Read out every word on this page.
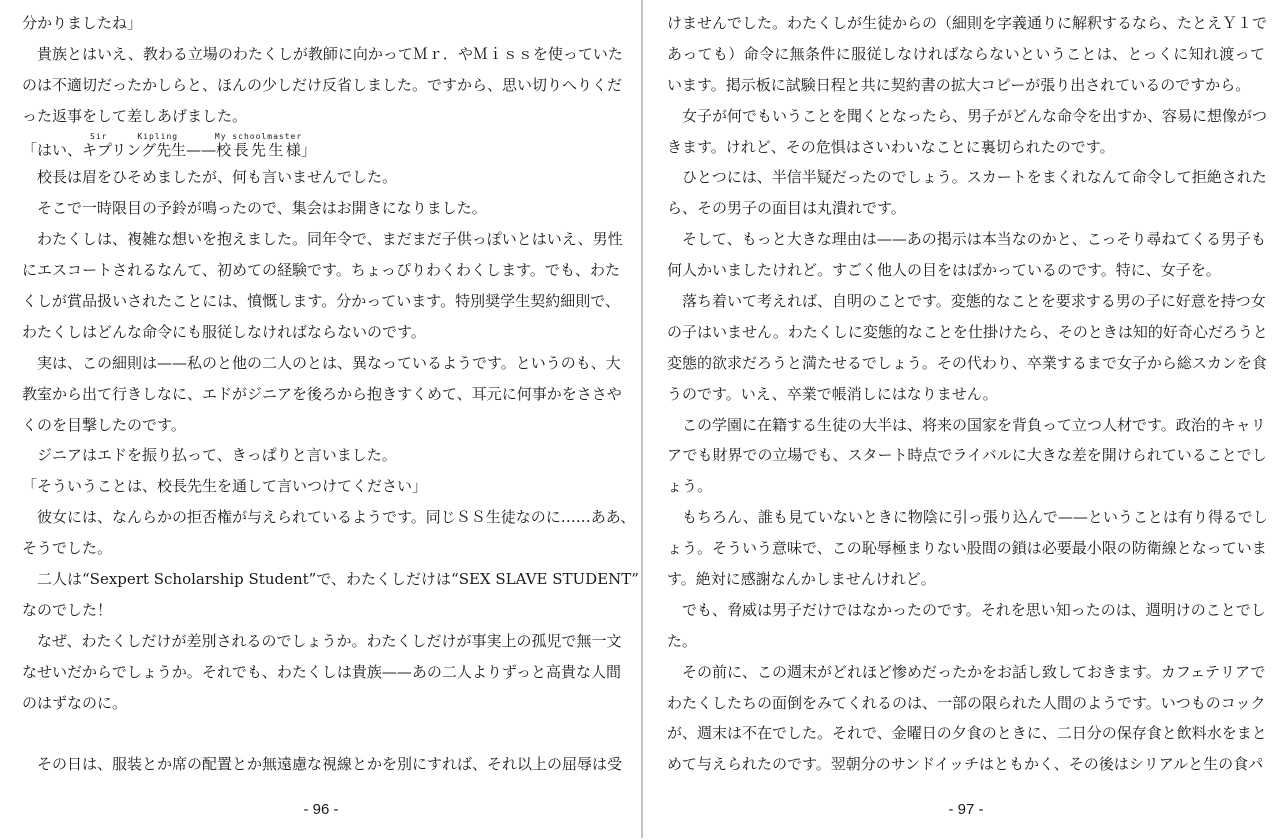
分かりましたね」
　貴族とはいえ、教わる立場のわたくしが教師に向かってＭｒ．やＭｉｓｓを使っていた
のは不適切だったかしらと、ほんの少しだけ反省しました。ですから、思い切りへりくだ
った返事をして差しあげました。
「はい、キプリング先生Sir Kipling——校長先生様My schoolmaster」
　校長は眉をひそめましたが、何も言いませんでした。
　そこで一時限目の予鈴が鳴ったので、集会はお開きになりました。
　わたくしは、複雑な想いを抱えました。同年令で、まだまだ子供っぽいとはいえ、男性
にエスコートされるなんて、初めての経験です。ちょっぴりわくわくします。でも、わた
くしが賞品扱いされたことには、憤慨します。分かっています。特別奨学生契約細則で、
わたくしはどんな命令にも服従しなければならないのです。
　実は、この細則は——私のと他の二人のとは、異なっているようです。というのも、大
教室から出て行きしなに、エドがジニアを後ろから抱きすくめて、耳元に何事かをささや
くのを目撃したのです。
　ジニアはエドを振り払って、きっぱりと言いました。
「そういうことは、校長先生を通して言いつけてください」
　彼女には、なんらかの拒否権が与えられているようです。同じＳＳ生徒なのに……ああ、
そうでした。
　二人は“Sexpert Scholarship Student”で、わたくしだけは“SEX SLAVE STUDENT”
なのでした！
　なぜ、わたくしだけが差別されるのでしょうか。わたくしだけが事実上の孤児で無一文
なせいだからでしょうか。それでも、わたくしは貴族——あの二人よりずっと高貴な人間
のはずなのに。
　その日は、服装とか席の配置とか無遠慮な視線とかを別にすれば、それ以上の屈辱は受
- 96 -
けませんでした。わたくしが生徒からの（細則を字義通りに解釈するなら、たとえＹ１で
あっても）命令に無条件に服従しなければならないということは、とっくに知れ渡って
います。掲示板に試験日程と共に契約書の拡大コピーが張り出されているのですから。
　女子が何でもいうことを聞くとなったら、男子がどんな命令を出すか、容易に想像がつ
きます。けれど、その危惧はさいわいなことに裏切られたのです。
　ひとつには、半信半疑だったのでしょう。スカートをまくれなんて命令して拒絶された
ら、その男子の面目は丸潰れです。
　そして、もっと大きな理由は——あの掲示は本当なのかと、こっそり尋ねてくる男子も
何人かいましたけれど。すごく他人の目をはばかっているのです。特に、女子を。
　落ち着いて考えれば、自明のことです。変態的なことを要求する男の子に好意を持つ女
の子はいません。わたくしに変態的なことを仕掛けたら、そのときは知的好奇心だろうと
変態的欲求だろうと満たせるでしょう。その代わり、卒業するまで女子から総スカンを食
うのです。いえ、卒業で帳消しにはなりません。
　この学園に在籍する生徒の大半は、将来の国家を背負って立つ人材です。政治的キャリ
アでも財界での立場でも、スタート時点でライバルに大きな差を開けられていることでし
ょう。
　もちろん、誰も見ていないときに物陰に引っ張り込んで——ということは有り得るでし
ょう。そういう意味で、この恥辱極まりない股間の鎖は必要最小限の防衛線となっていま
す。絶対に感謝なんかしませんけれど。
　でも、脅威は男子だけではなかったのです。それを思い知ったのは、週明けのことでし
た。
　その前に、この週末がどれほど惨めだったかをお話し致しておきます。カフェテリアで
わたくしたちの面倒をみてくれるのは、一部の限られた人間のようです。いつものコック
が、週末は不在でした。それで、金曜日の夕食のときに、二日分の保存食と飲料水をまと
めて与えられたのです。翌朝分のサンドイッチはともかく、その後はシリアルと生の食パ
- 97 -
